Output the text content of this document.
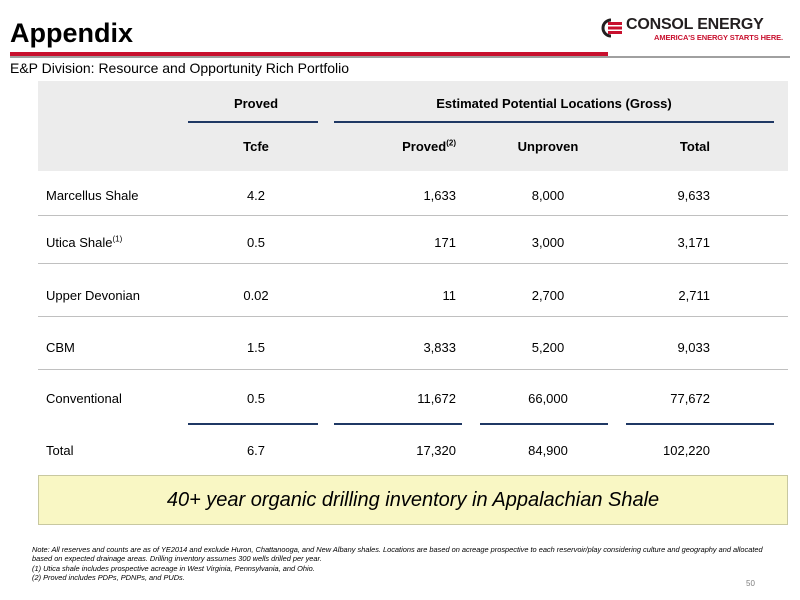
Appendix	CONSOL ENERGY
AMERICA'S ENERGY STARTS HERE.
E&P Division: Resource and Opportunity Rich Portfolio
Proved	Estimated Potential Locations (Gross)
Tcfe	Proved$^{(2)}$	Unproven	Total
Marcellus Shale	4.2	1,633	8,000	9,633
Utica Shale$^{(1)}$	0.5	171	3,000	3,171
Upper Devonian	0.02	11	2,700	2,711
CBM	1.5	3,833	5,200	9,033
Conventional	0.5	11,672	66,000	77,672
Total	6.7	17,320	84,900	102,220
40+ year organic drilling inventory in Appalachian Shale
Note: All reserves and counts are as of YE2014 and exclude Huron, Chattanooga, and New Albany shales. Locations are based on acreage prospective to each reservoir/play considering culture and geography and allocated based on expected drainage areas. Drilling inventory assumes 300 wells drilled per year.
(1) Utica shale includes prospective acreage in West Virginia, Pennsylvania, and Ohio.
(2) Proved includes PDPs, PDNPs, and PUDs.
50
